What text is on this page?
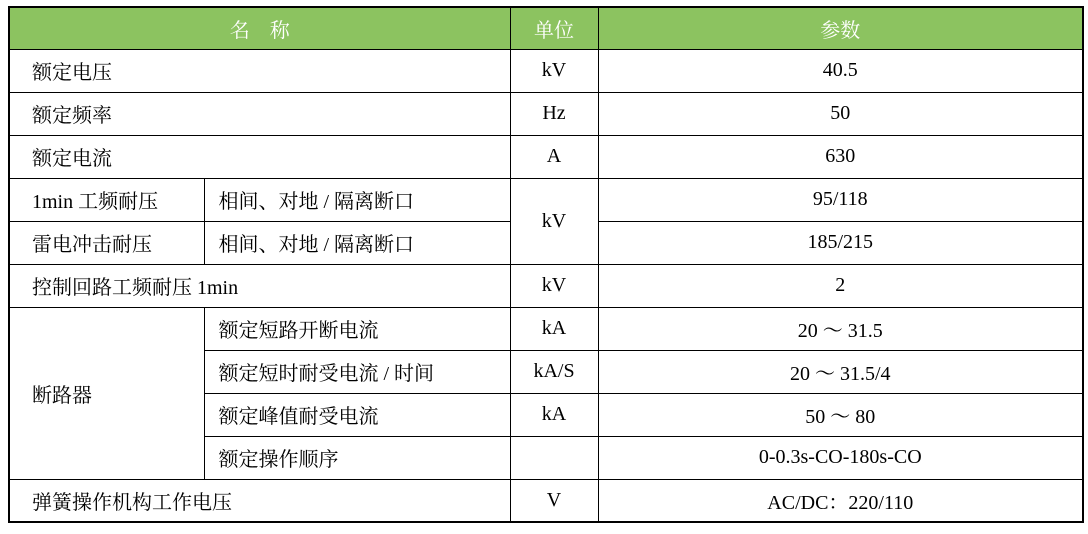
名　称		单位	参数
额定电压		kV	40.5
额定频率		Hz	50
额定电流		A	630
1min 工频耐压	相间、对地 / 隔离断口	kV	95/118
雷电冲击耐压	相间、对地 / 隔离断口		185/215
控制回路工频耐压 1min		kV	2
断路器	额定短路开断电流	kA	20 ～ 31.5
	额定短时耐受电流 / 时间	kA/S	20 ～ 31.5/4
	额定峰值耐受电流	kA	50 ～ 80
	额定操作顺序		0-0.3s-CO-180s-CO
弹簧操作机构工作电压		V	AC/DC：220/110
